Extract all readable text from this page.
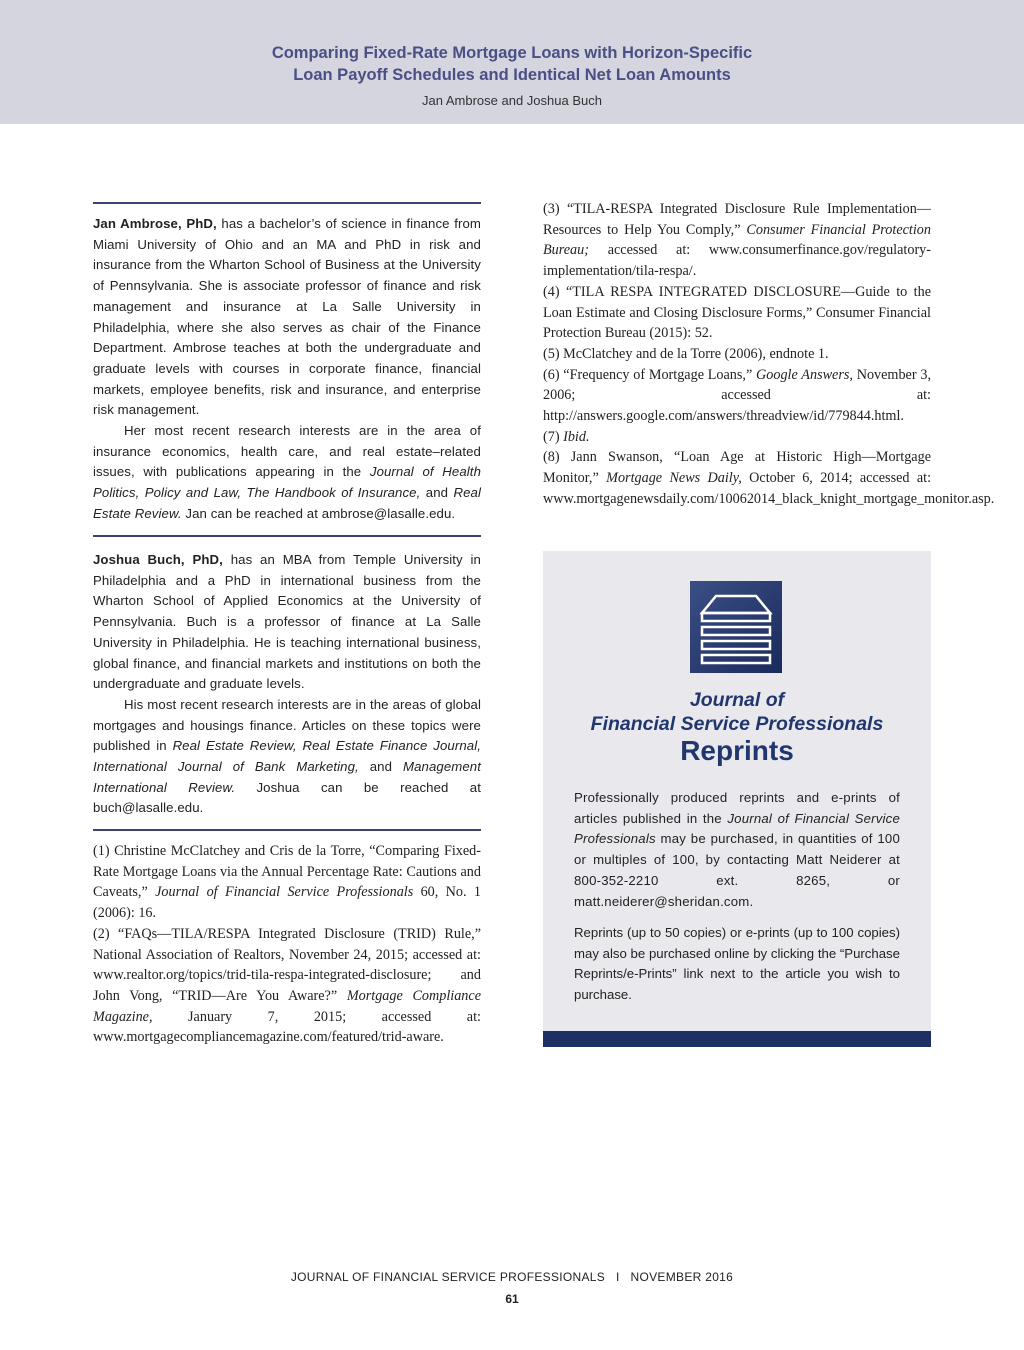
Comparing Fixed-Rate Mortgage Loans with Horizon-Specific
Loan Payoff Schedules and Identical Net Loan Amounts
Jan Ambrose and Joshua Buch

Jan Ambrose, PhD, has a bachelor’s of science in finance from Miami University of Ohio and an MA and PhD in risk and insurance from the Wharton School of Business at the University of Pennsylvania. She is associate professor of finance and risk management and insurance at La Salle University in Philadelphia, where she also serves as chair of the Finance Department. Ambrose teaches at both the undergraduate and graduate levels with courses in corporate finance, financial markets, employee benefits, risk and insurance, and enterprise risk management.

Her most recent research interests are in the area of insurance economics, health care, and real estate–related issues, with publications appearing in the Journal of Health Politics, Policy and Law, The Handbook of Insurance, and Real Estate Review. Jan can be reached at ambrose@lasalle.edu.

Joshua Buch, PhD, has an MBA from Temple University in Philadelphia and a PhD in international business from the Wharton School of Applied Economics at the University of Pennsylvania. Buch is a professor of finance at La Salle University in Philadelphia. He is teaching international business, global finance, and financial markets and institutions on both the undergraduate and graduate levels.

His most recent research interests are in the areas of global mortgages and housings finance. Articles on these topics were published in Real Estate Review, Real Estate Finance Journal, International Journal of Bank Marketing, and Management International Review. Joshua can be reached at buch@lasalle.edu.

(1) Christine McClatchey and Cris de la Torre, “Comparing Fixed-Rate Mortgage Loans via the Annual Percentage Rate: Cautions and Caveats,” Journal of Financial Service Professionals 60, No. 1 (2006): 16.

(2) “FAQs—TILA/RESPA Integrated Disclosure (TRID) Rule,” National Association of Realtors, November 24, 2015; accessed at: www.realtor.org/topics/trid-tila-respa-integrated-disclosure; and John Vong, “TRID—Are You Aware?” Mortgage Compliance Magazine, January 7, 2015; accessed at: www.mortgagecompliancemagazine.com/featured/trid-aware.

(3) “TILA-RESPA Integrated Disclosure Rule Implementation—Resources to Help You Comply,” Consumer Financial Protection Bureau; accessed at: www.consumerfinance.gov/regulatory-implementation/tila-respa/.

(4) “TILA RESPA INTEGRATED DISCLOSURE—Guide to the Loan Estimate and Closing Disclosure Forms,” Consumer Financial Protection Bureau (2015): 52.

(5) McClatchey and de la Torre (2006), endnote 1.

(6) “Frequency of Mortgage Loans,” Google Answers, November 3, 2006; accessed at: http://answers.google.com/answers/threadview/id/779844.html.

(7) Ibid.

(8) Jann Swanson, “Loan Age at Historic High—Mortgage Monitor,” Mortgage News Daily, October 6, 2014; accessed at: www.mortgagenewsdaily.com/10062014_black_knight_mortgage_monitor.asp.

Journal of
Financial Service Professionals
Reprints

Professionally produced reprints and e-prints of articles published in the Journal of Financial Service Professionals may be purchased, in quantities of 100 or multiples of 100, by contacting Matt Neiderer at 800-352-2210 ext. 8265, or matt.neiderer@sheridan.com.

Reprints (up to 50 copies) or e-prints (up to 100 copies) may also be purchased online by clicking the “Purchase Reprints/e-Prints” link next to the article you wish to purchase.

JOURNAL OF FINANCIAL SERVICE PROFESSIONALS   I   NOVEMBER 2016
61
